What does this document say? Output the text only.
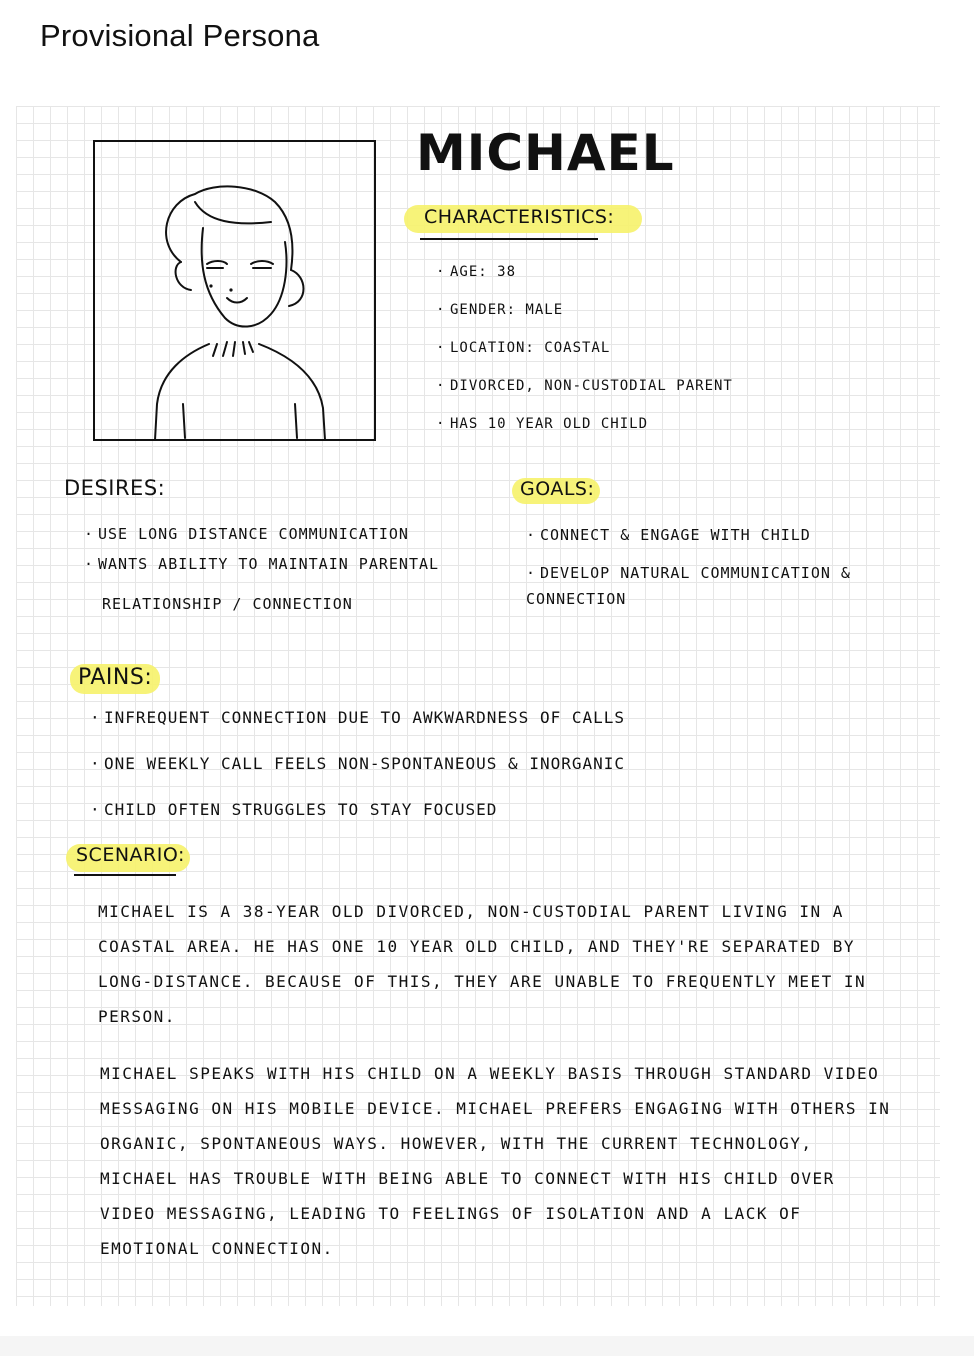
Provisional Persona
MICHAEL
CHARACTERISTICS:
· AGE: 38
· GENDER: MALE
· LOCATION: COASTAL
· DIVORCED, NON-CUSTODIAL PARENT
· HAS 10 YEAR OLD CHILD
DESIRES:
· USE LONG DISTANCE COMMUNICATION
· WANTS ABILITY TO MAINTAIN PARENTAL
RELATIONSHIP / CONNECTION
GOALS:
· CONNECT & ENGAGE WITH CHILD
· DEVELOP NATURAL COMMUNICATION & CONNECTION
PAINS:
· INFREQUENT CONNECTION DUE TO AWKWARDNESS OF CALLS
· ONE WEEKLY CALL FEELS NON-SPONTANEOUS & INORGANIC
· CHILD OFTEN STRUGGLES TO STAY FOCUSED
SCENARIO:

MICHAEL IS A 38-YEAR OLD DIVORCED, NON-CUSTODIAL PARENT LIVING IN A COASTAL AREA. HE HAS ONE 10 YEAR OLD CHILD, AND THEY'RE SEPARATED BY LONG-DISTANCE. BECAUSE OF THIS, THEY ARE UNABLE TO FREQUENTLY MEET IN PERSON.

MICHAEL SPEAKS WITH HIS CHILD ON A WEEKLY BASIS THROUGH STANDARD VIDEO MESSAGING ON HIS MOBILE DEVICE. MICHAEL PREFERS ENGAGING WITH OTHERS IN ORGANIC, SPONTANEOUS WAYS. HOWEVER, WITH THE CURRENT TECHNOLOGY, MICHAEL HAS TROUBLE WITH BEING ABLE TO CONNECT WITH HIS CHILD OVER VIDEO MESSAGING, LEADING TO FEELINGS OF ISOLATION AND A LACK OF EMOTIONAL CONNECTION.
